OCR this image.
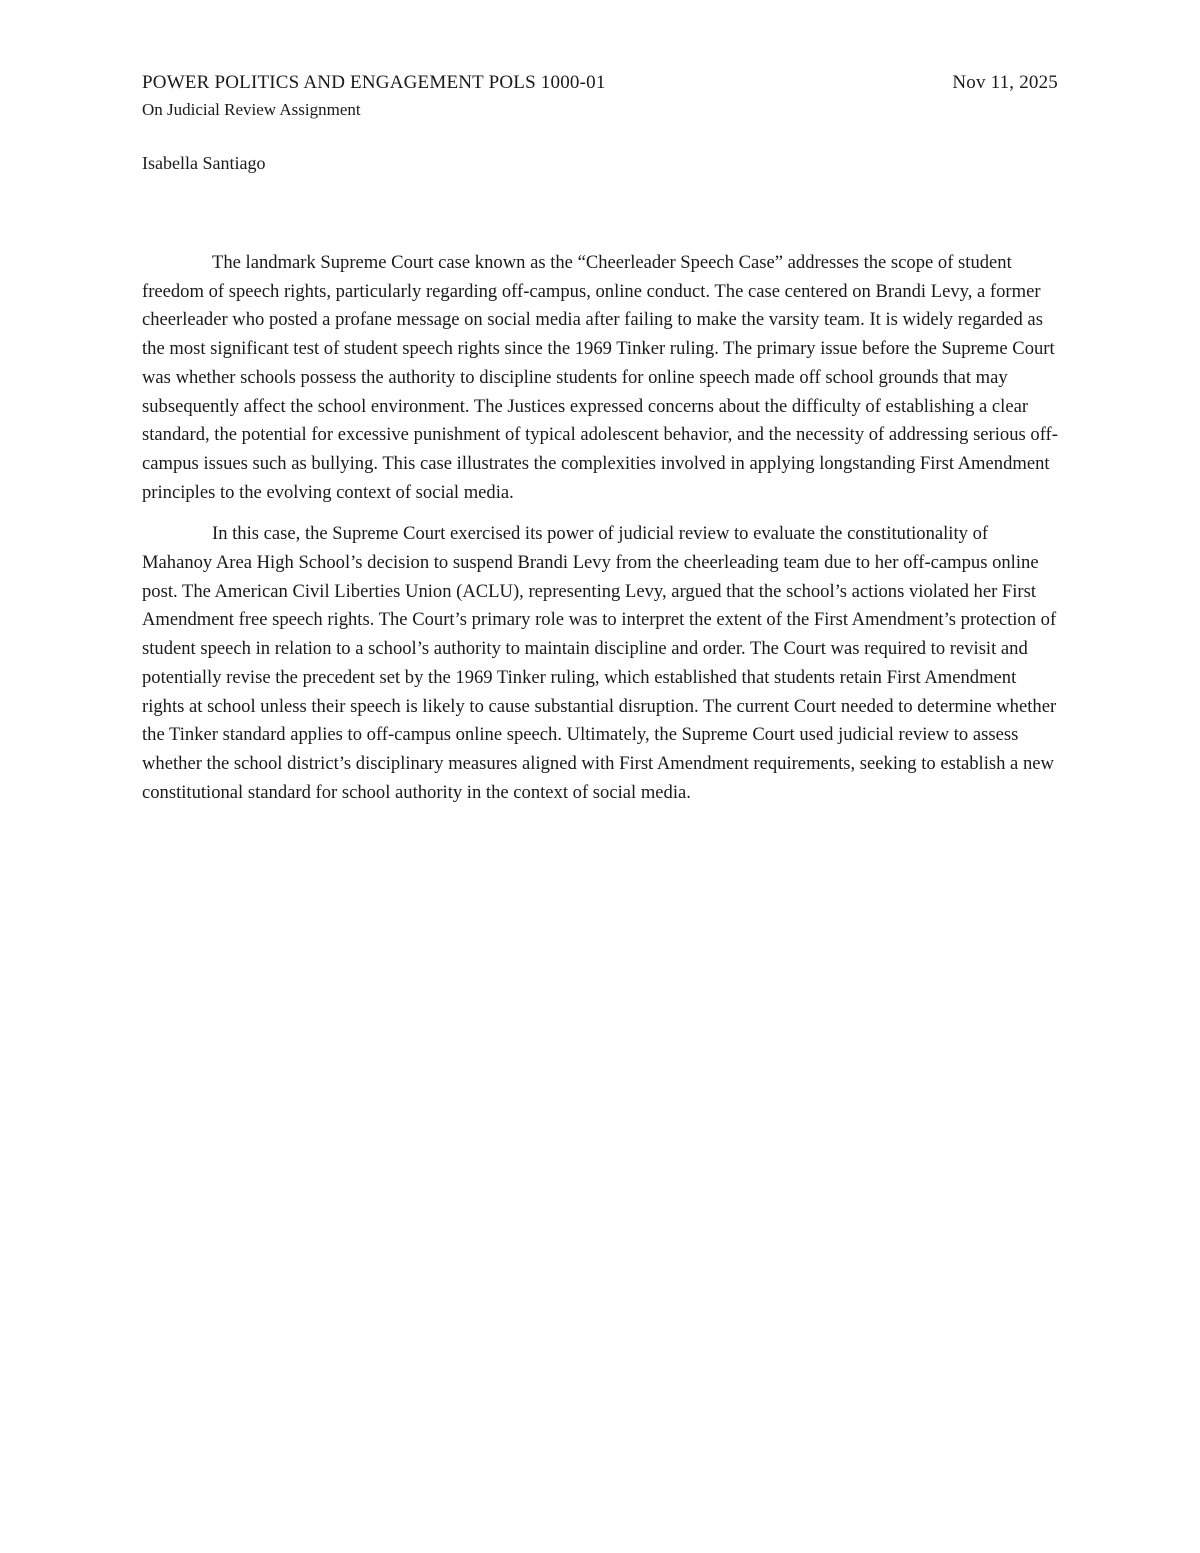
POWER POLITICS AND ENGAGEMENT POLS 1000-01	Nov 11, 2025
On Judicial Review Assignment
Isabella Santiago

The landmark Supreme Court case known as the “Cheerleader Speech Case” addresses the scope of student freedom of speech rights, particularly regarding off-campus, online conduct. The case centered on Brandi Levy, a former cheerleader who posted a profane message on social media after failing to make the varsity team. It is widely regarded as the most significant test of student speech rights since the 1969 Tinker ruling. The primary issue before the Supreme Court was whether schools possess the authority to discipline students for online speech made off school grounds that may subsequently affect the school environment. The Justices expressed concerns about the difficulty of establishing a clear standard, the potential for excessive punishment of typical adolescent behavior, and the necessity of addressing serious off-campus issues such as bullying. This case illustrates the complexities involved in applying longstanding First Amendment principles to the evolving context of social media.

In this case, the Supreme Court exercised its power of judicial review to evaluate the constitutionality of Mahanoy Area High School’s decision to suspend Brandi Levy from the cheerleading team due to her off-campus online post. The American Civil Liberties Union (ACLU), representing Levy, argued that the school’s actions violated her First Amendment free speech rights. The Court’s primary role was to interpret the extent of the First Amendment’s protection of student speech in relation to a school’s authority to maintain discipline and order. The Court was required to revisit and potentially revise the precedent set by the 1969 Tinker ruling, which established that students retain First Amendment rights at school unless their speech is likely to cause substantial disruption. The current Court needed to determine whether the Tinker standard applies to off-campus online speech. Ultimately, the Supreme Court used judicial review to assess whether the school district’s disciplinary measures aligned with First Amendment requirements, seeking to establish a new constitutional standard for school authority in the context of social media.
